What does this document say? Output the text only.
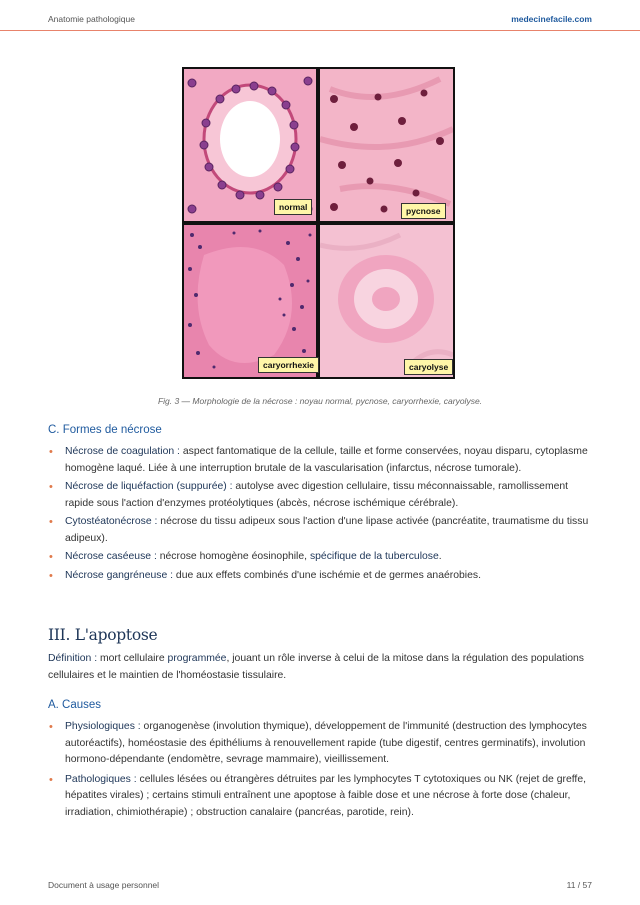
Anatomie pathologique	medecinefacile.com
normal	pycnose
caryorrhexie	caryolyse
Fig. 3 — Morphologie de la nécrose : noyau normal, pycnose, caryorrhexie, caryolyse.
C. Formes de nécrose
• Nécrose de coagulation : aspect fantomatique de la cellule, taille et forme conservées, noyau disparu, cytoplasme homogène laqué. Liée à une interruption brutale de la vascularisation (infarctus, nécrose tumorale).
• Nécrose de liquéfaction (suppurée) : autolyse avec digestion cellulaire, tissu méconnaissable, ramollissement rapide sous l'action d'enzymes protéolytiques (abcès, nécrose ischémique cérébrale).
• Cytostéatonécrose : nécrose du tissu adipeux sous l'action d'une lipase activée (pancréatite, traumatisme du tissu adipeux).
• Nécrose caséeuse : nécrose homogène éosinophile, spécifique de la tuberculose.
• Nécrose gangréneuse : due aux effets combinés d'une ischémie et de germes anaérobies.
III. L'apoptose
Définition : mort cellulaire programmée, jouant un rôle inverse à celui de la mitose dans la régulation des populations cellulaires et le maintien de l'homéostasie tissulaire.
A. Causes
• Physiologiques : organogenèse (involution thymique), développement de l'immunité (destruction des lymphocytes autoréactifs), homéostasie des épithéliums à renouvellement rapide (tube digestif, centres germinatifs), involution hormono-dépendante (endomètre, sevrage mammaire), vieillissement.
• Pathologiques : cellules lésées ou étrangères détruites par les lymphocytes T cytotoxiques ou NK (rejet de greffe, hépatites virales) ; certains stimuli entraînent une apoptose à faible dose et une nécrose à forte dose (chaleur, irradiation, chimiothérapie) ; obstruction canalaire (pancréas, parotide, rein).
Document à usage personnel	11 / 57
